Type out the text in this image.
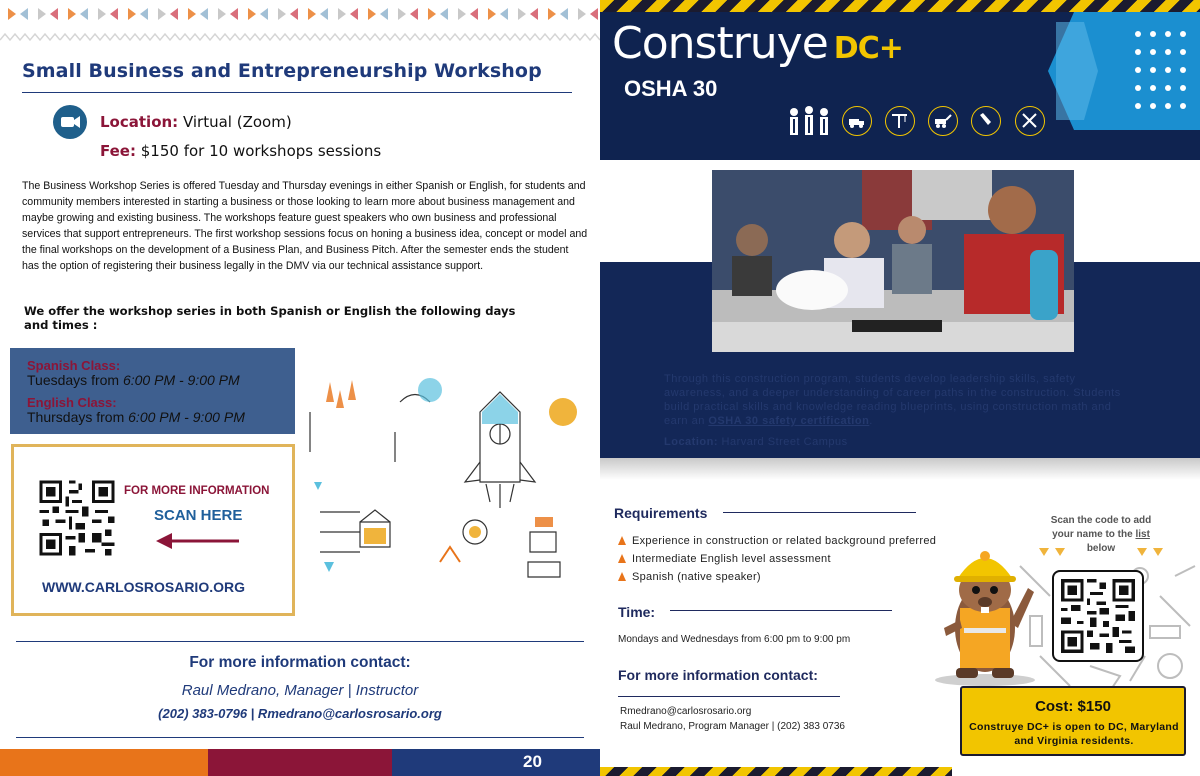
Small Business and Entrepreneurship Workshop
Location: Virtual (Zoom)
Fee: $150 for 10 workshops sessions

The Business Workshop Series is offered Tuesday and Thursday evenings in either Spanish or English, for students and community members interested in starting a business or those looking to learn more about business management and maybe growing and existing business. The workshops feature guest speakers who own business and professional services that support entrepreneurs. The first workshop sessions focus on honing a business idea, concept or model and the final workshops on the development of a Business Plan, and Business Pitch. After the semester ends the student has the option of registering their business legally in the DMV via our technical assistance support.

We offer the workshop series in both Spanish or English the following days
and times :
Spanish Class:
Tuesdays from 6:00 PM - 9:00 PM
English Class:
Thursdays from 6:00 PM - 9:00 PM
FOR MORE INFORMATION
SCAN HERE
WWW.CARLOSROSARIO.ORG
For more information contact:
Raul Medrano, Manager | Instructor
(202) 383-0796 | Rmedrano@carlosrosario.org
20
Construye DC+
OSHA 30
Through this construction program, students develop leadership skills, safety awareness, and a deeper understanding of career paths in the construction. Students build practical skills and knowledge reading blueprints, using construction math and earn an OSHA 30 safety certification.
Location: Harvard Street Campus
Requirements
Experience in construction or related background preferred
Intermediate English level assessment
Spanish (native speaker)
Time:
Mondays and Wednesdays from 6:00 pm to 9:00 pm
For more information contact:
Rmedrano@carlosrosario.org
Raul Medrano, Program Manager | (202) 383 0736
Scan the code to add your name to the list below
Cost: $150
Construye DC+ is open to DC, Maryland and Virginia residents.
